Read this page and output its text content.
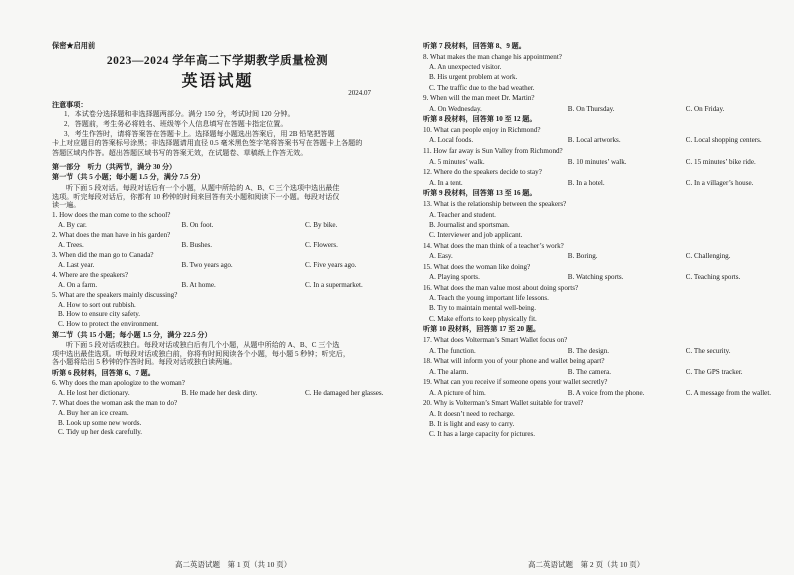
保密★启用前
2023—2024 学年高二下学期教学质量检测
英语试题
2024.07
注意事项：

1．本试卷分选择题和非选择题两部分。满分 150 分，考试时间 120 分钟。

2．答题前，考生务必将姓名、班级等个人信息填写在答题卡指定位置。

3．考生作答时，请将答案答在答题卡上。选择题每小题选出答案后，用 2B 铅笔把答题

卡上对应题目的答案标号涂黑；非选择题请用直径 0.5 毫米黑色签字笔将答案书写在答题卡上各题的

答题区域内作答。超出答题区域书写的答案无效，在试题卷、草稿纸上作答无效。

第一部分　听力（共两节，满分 30 分）
第一节（共 5 小题；每小题 1.5 分，满分 7.5 分）
听下面 5 段对话。每段对话后有一个小题，从题中所给的 A、B、C 三个选项中选出最佳
选项。听完每段对话后，你都有 10 秒钟的时间来回答有关小题和阅读下一小题。每段对话仅
读一遍。
1. How does the man come to the school?
A. By car.	B. On foot.	C. By bike.
2. What does the man have in his garden?
A. Trees.	B. Bushes.	C. Flowers.
3. When did the man go to Canada?
A. Last year.	B. Two years ago.	C. Five years ago.
4. Where are the speakers?
A. On a farm.	B. At home.	C. In a supermarket.
5. What are the speakers mainly discussing?
A. How to sort out rubbish.
B. How to ensure city safety.
C. How to protect the environment.
第二节（共 15 小题；每小题 1.5 分，满分 22.5 分）
听下面 5 段对话或独白。每段对话或独白后有几个小题，从题中所给的 A、B、C 三个选
项中选出最佳选项。听每段对话或独白前，你将有时间阅读各个小题，每小题 5 秒钟；听完后，
各小题将给出 5 秒钟的作答时间。每段对话或独白读两遍。
听第 6 段材料，回答第 6、7 题。
6. Why does the man apologize to the woman?
A. He lost her dictionary.	B. He made her desk dirty.	C. He damaged her glasses.
7. What does the woman ask the man to do?
A. Buy her an ice cream.
B. Look up some new words.
C. Tidy up her desk carefully.
高二英语试题　第 1 页（共 10 页）
听第 7 段材料，回答第 8、9 题。
8. What makes the man change his appointment?
A. An unexpected visitor.
B. His urgent problem at work.
C. The traffic due to the bad weather.
9. When will the man meet Dr. Martin?
A. On Wednesday.	B. On Thursday.	C. On Friday.
听第 8 段材料，回答第 10 至 12 题。
10. What can people enjoy in Richmond?
A. Local foods.	B. Local artworks.	C. Local shopping centers.
11. How far away is Sun Valley from Richmond?
A. 5 minutes’ walk.	B. 10 minutes’ walk.	C. 15 minutes’ bike ride.
12. Where do the speakers decide to stay?
A. In a tent.	B. In a hotel.	C. In a villager’s house.
听第 9 段材料，回答第 13 至 16 题。
13. What is the relationship between the speakers?
A. Teacher and student.
B. Journalist and sportsman.
C. Interviewer and job applicant.
14. What does the man think of a teacher’s work?
A. Easy.	B. Boring.	C. Challenging.
15. What does the woman like doing?
A. Playing sports.	B. Watching sports.	C. Teaching sports.
16. What does the man value most about doing sports?
A. Teach the young important life lessons.
B. Try to maintain mental well-being.
C. Make efforts to keep physically fit.
听第 10 段材料，回答第 17 至 20 题。
17. What does Volterman’s Smart Wallet focus on?
A. The function.	B. The design.	C. The security.
18. What will inform you of your phone and wallet being apart?
A. The alarm.	B. The camera.	C. The GPS tracker.
19. What can you receive if someone opens your wallet secretly?
A. A picture of him.	B. A voice from the phone.	C. A message from the wallet.
20. Why is Volterman’s Smart Wallet suitable for travel?
A. It doesn’t need to recharge.
B. It is light and easy to carry.
C. It has a large capacity for pictures.
高二英语试题　第 2 页（共 10 页）
